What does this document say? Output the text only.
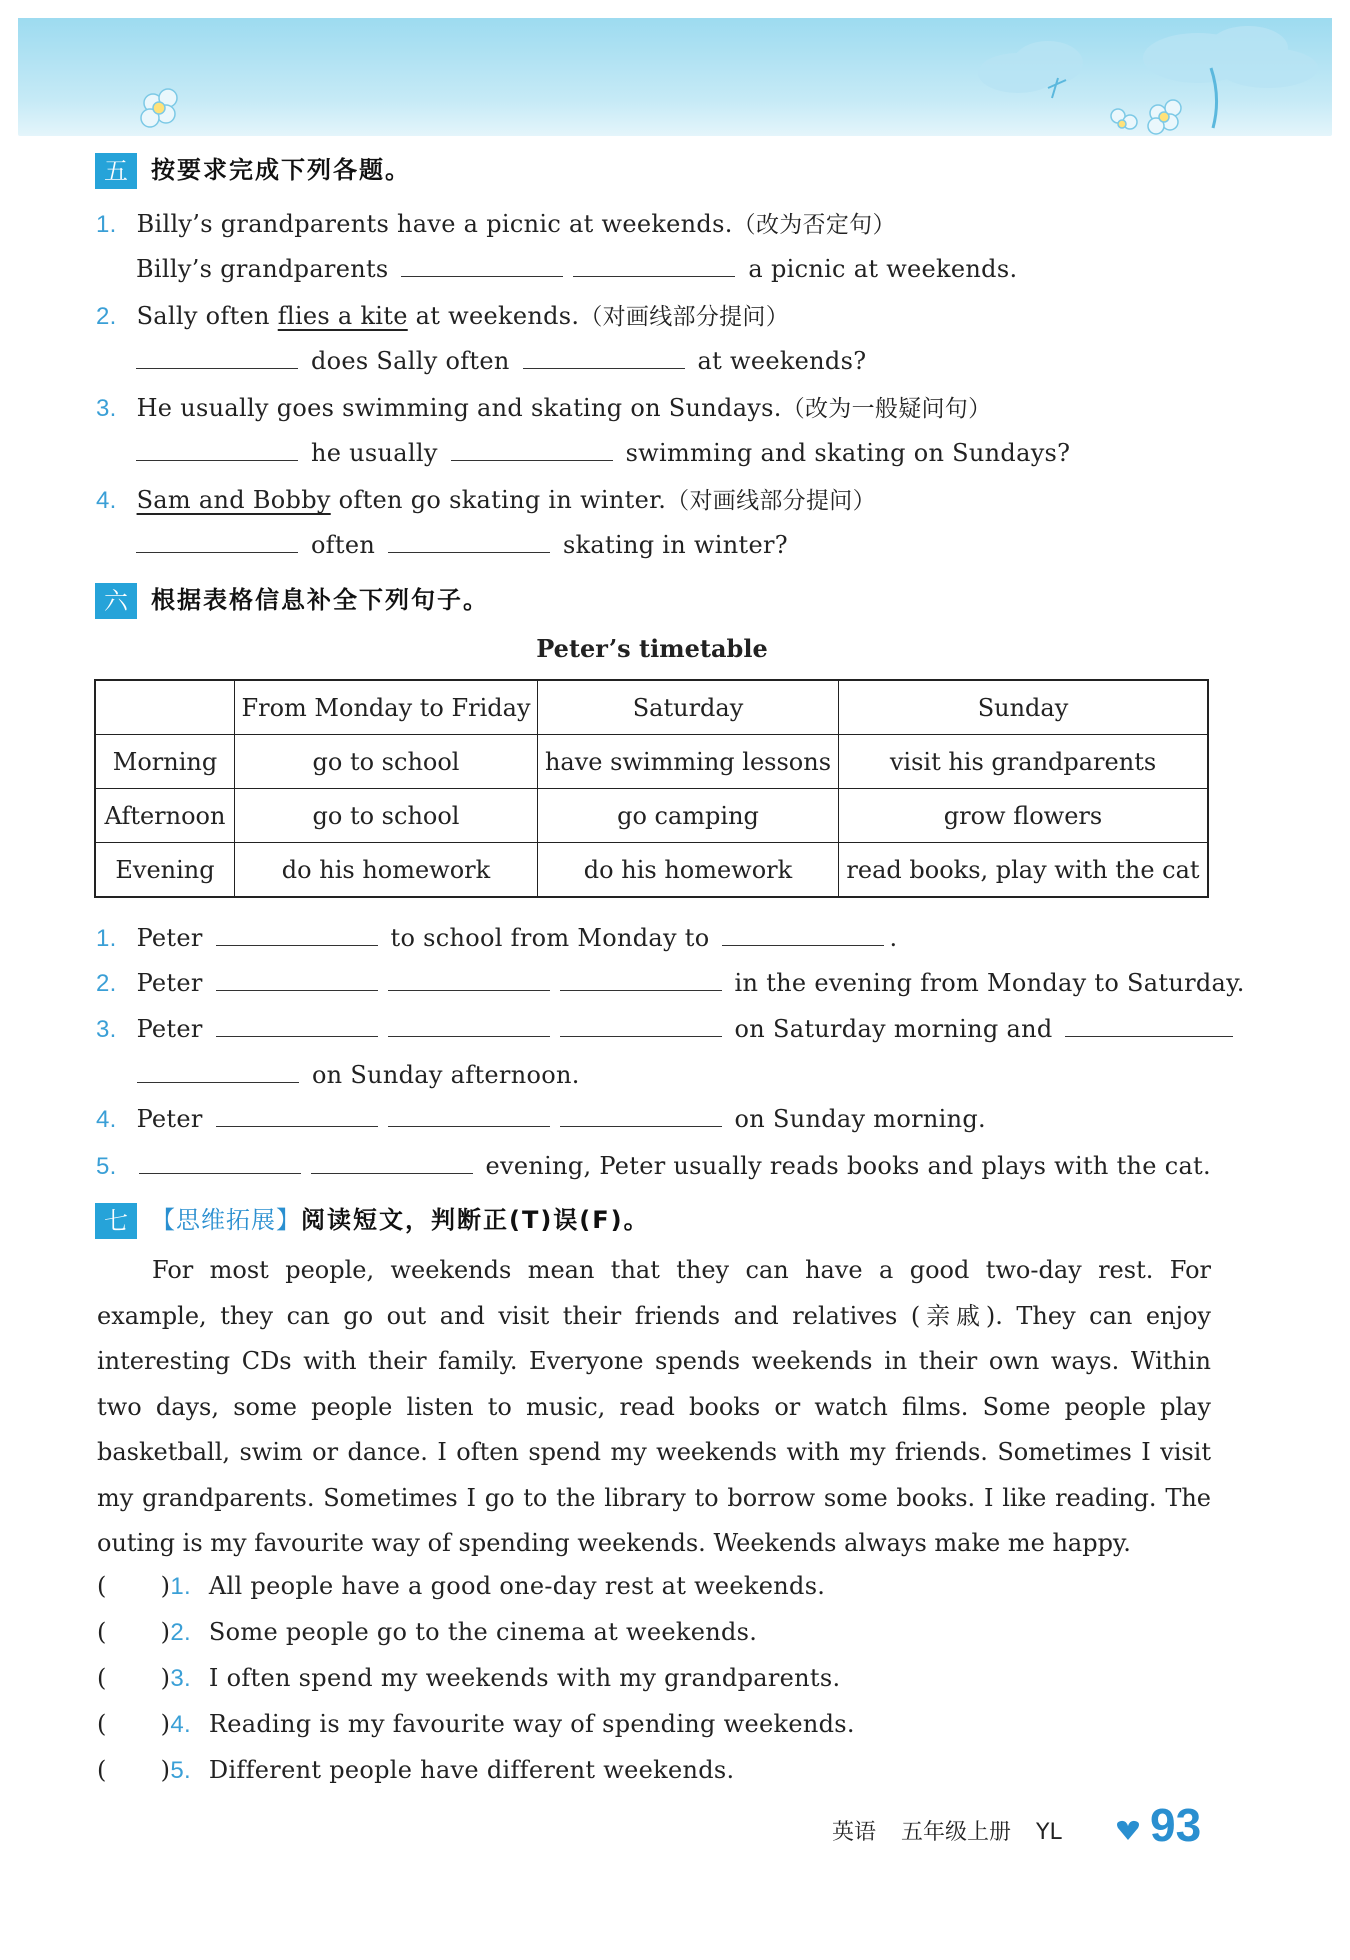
五 按要求完成下列各题。
1. Billy’s grandparents have a picnic at weekends.（改为否定句）
Billy’s grandparents	a picnic at weekends.
2. Sally often flies a kite at weekends.（对画线部分提问）
does Sally often	at weekends?
3. He usually goes swimming and skating on Sundays.（改为一般疑问句）
he usually	swimming and skating on Sundays?
4. Sam and Bobby often go skating in winter.（对画线部分提问）
often	skating in winter?
六 根据表格信息补全下列句子。
Peter’s timetable
	From Monday to Friday	Saturday	Sunday
Morning	go to school	have swimming lessons	visit his grandparents
Afternoon	go to school	go camping	grow flowers
Evening	do his homework	do his homework	read books, play with the cat
1. Peter	to school from Monday to	.
2. Peter	in the evening from Monday to Saturday.
3. Peter	on Saturday morning and
on Sunday afternoon.
4. Peter	on Sunday morning.
5.	evening, Peter usually reads books and plays with the cat.
七 【思维拓展】阅读短文，判断正(T)误(F)。
For most people, weekends mean that they can have a good two-day rest. For example, they can go out and visit their friends and relatives (亲戚). They can enjoy interesting CDs with their family. Everyone spends weekends in their own ways. Within two days, some people listen to music, read books or watch films. Some people play basketball, swim or dance. I often spend my weekends with my friends. Sometimes I visit my grandparents. Sometimes I go to the library to borrow some books. I like reading. The outing is my favourite way of spending weekends. Weekends always make me happy.
( )1. All people have a good one-day rest at weekends.
( )2. Some people go to the cinema at weekends.
( )3. I often spend my weekends with my grandparents.
( )4. Reading is my favourite way of spending weekends.
( )5. Different people have different weekends.
英语 五年级上册 YL 93
